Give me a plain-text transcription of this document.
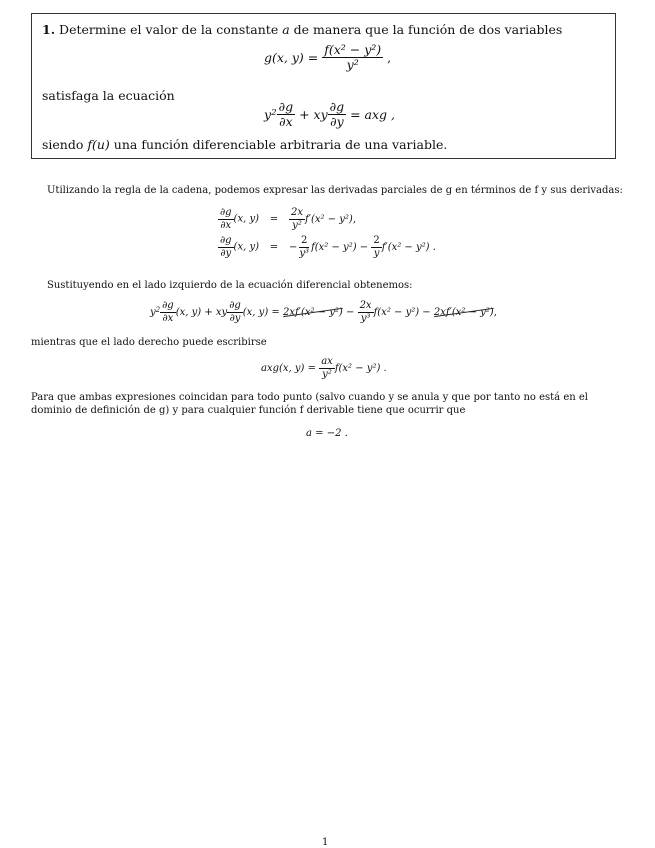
1. Determine el valor de la constante a de manera que la función de dos variables
g(x, y) =
$\frac{\text{f(x² − y²)}}{\text{y²}}$
,
satisfaga la ecuación
$y^2 \frac{\partial g}{\partial x}$ + xy $\frac{\partial g}{\partial y}$
= axg ,
siendo f(u) una función diferenciable arbitraria de una variable.
Utilizando la regla de la cadena, podemos expresar las derivadas parciales de g en términos de f y sus derivadas:
$\frac{\partial g}{\partial x} (x$, y)	=	$\frac{2x}{\text{y²}} f'(x^2 - y^2)$,
$\frac{\partial g}{\partial y} (x$, y)	=	− $\frac{2}{\text{y³}} f(x^2 - y^2)$ −
$\frac{2}{y} f'(x^2 - y^2)$ .
Sustituyendo en el lado izquierdo de la ecuación diferencial obtenemos:
$y^2 \frac{\partial g}{\partial x} (x$, y) + xy $\frac{\partial g}{\partial y} (x$, y) =
2xf′(x² − y²)
−
$\frac{2x}{\text{y³}} f(x^2 - y^2)$ −
2xf′(x² − y²) ,
mientras que el lado derecho puede escribirse
axg(x, y) =
$\frac{ax}{\text{y²}} f(x^2 - y^2)$ .
Para que ambas expresiones coincidan para todo punto (salvo cuando y se anula y que por tanto no está en el dominio de definición de g) y para cualquier función f derivable tiene que ocurrir que
a = −2 .
1
